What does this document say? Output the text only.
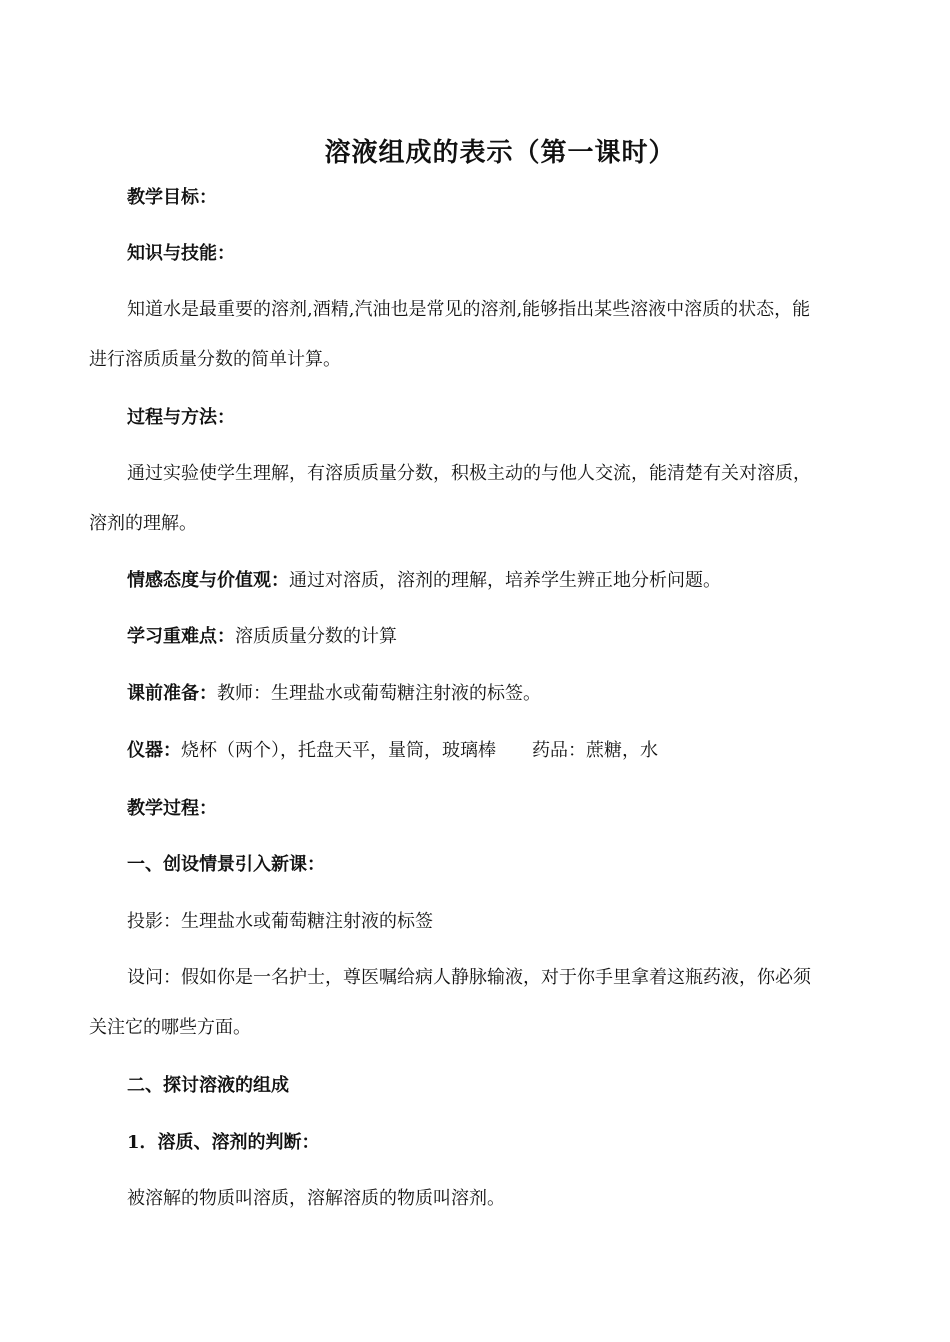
溶液组成的表示（第一课时）
教学目标：
知识与技能：
知道水是最重要的溶剂,酒精,汽油也是常见的溶剂,能够指出某些溶液中溶质的状态，能
进行溶质质量分数的简单计算。
过程与方法：
通过实验使学生理解，有溶质质量分数，积极主动的与他人交流，能清楚有关对溶质，
溶剂的理解。
情感态度与价值观：通过对溶质，溶剂的理解，培养学生辨正地分析问题。
学习重难点：溶质质量分数的计算
课前准备：教师：生理盐水或葡萄糖注射液的标签。
仪器：烧杯（两个），托盘天平，量筒，玻璃棒 药品：蔗糖，水
教学过程：
一、创设情景引入新课：
投影：生理盐水或葡萄糖注射液的标签
设问：假如你是一名护士，尊医嘱给病人静脉输液，对于你手里拿着这瓶药液，你必须
关注它的哪些方面。
二、探讨溶液的组成
1．溶质、溶剂的判断：
被溶解的物质叫溶质，溶解溶质的物质叫溶剂。
